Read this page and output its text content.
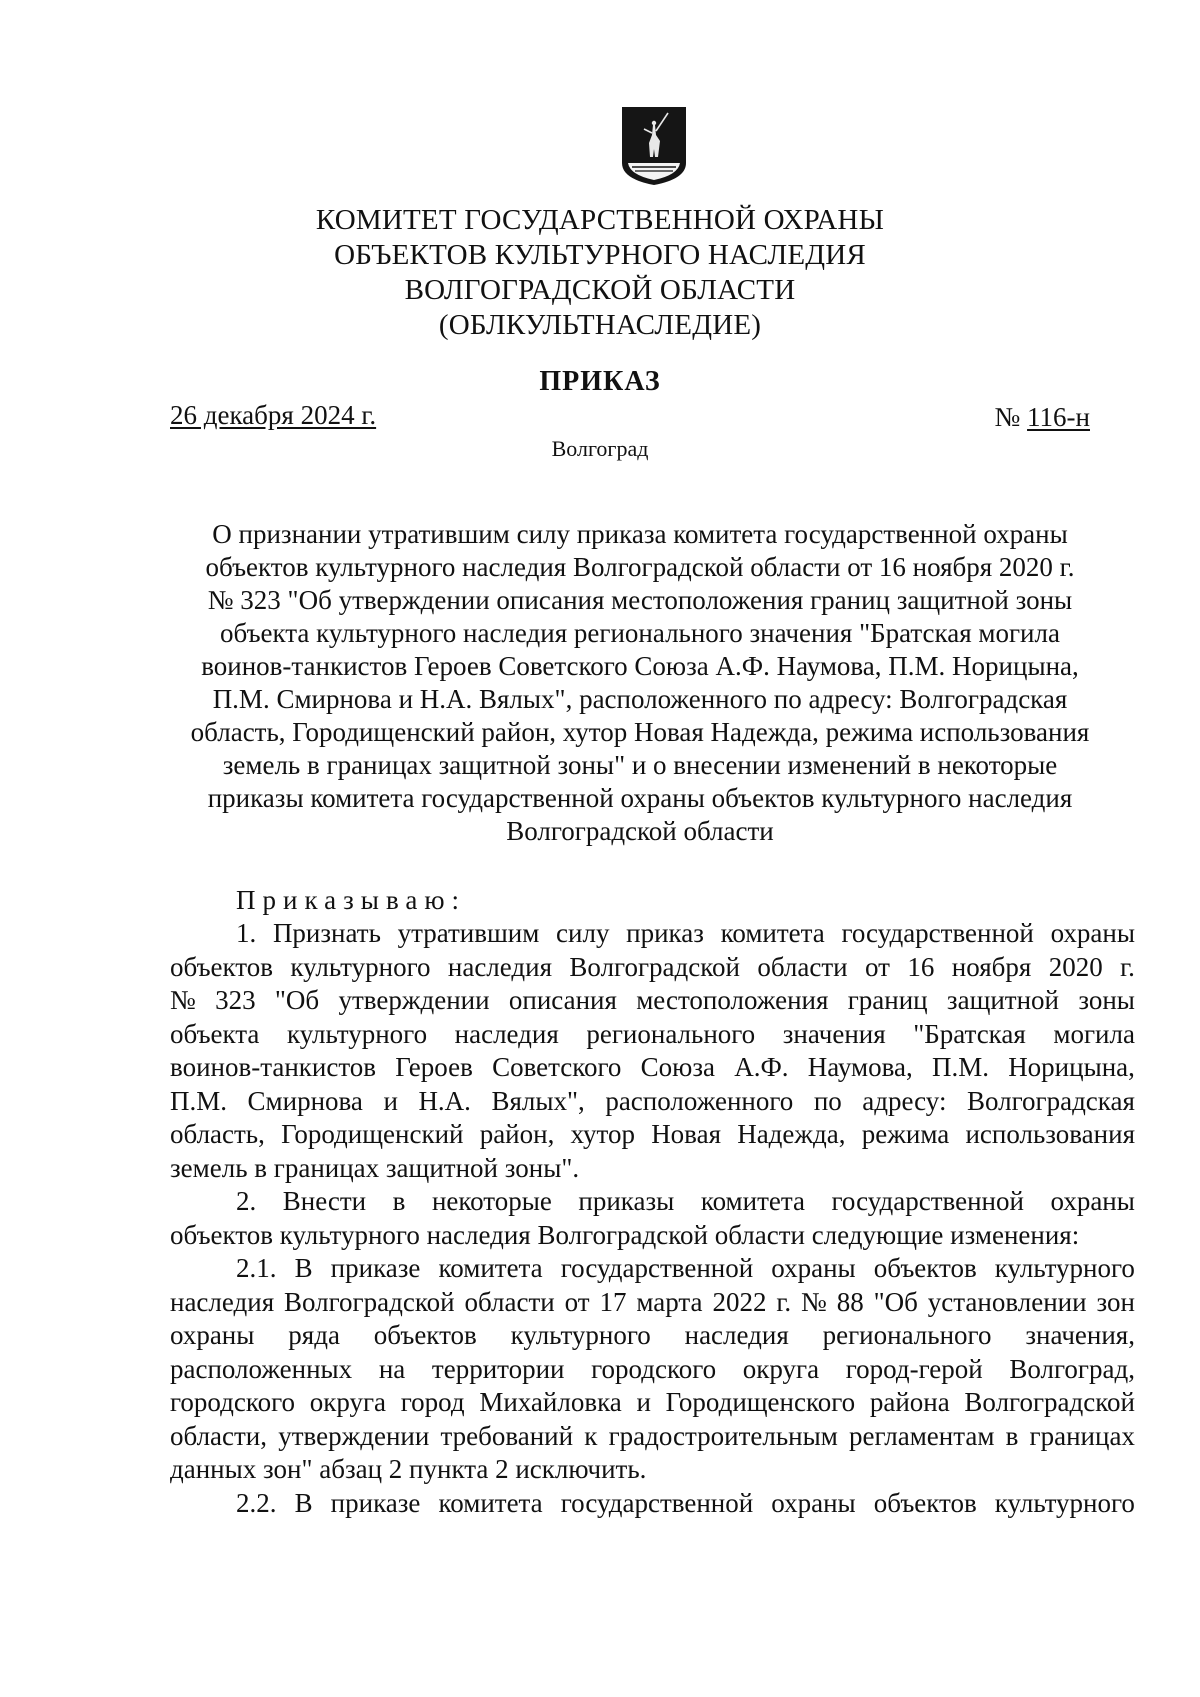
КОМИТЕТ ГОСУДАРСТВЕННОЙ ОХРАНЫ
ОБЪЕКТОВ КУЛЬТУРНОГО НАСЛЕДИЯ
ВОЛГОГРАДСКОЙ ОБЛАСТИ
(ОБЛКУЛЬТНАСЛЕДИЕ)
ПРИКАЗ
26 декабря 2024 г.	№ 116-н
Волгоград
О признании утратившим силу приказа комитета государственной охраны
объектов культурного наследия Волгоградской области от 16 ноября 2020 г.
№ 323 "Об утверждении описания местоположения границ защитной зоны
объекта культурного наследия регионального значения "Братская могила
воинов-танкистов Героев Советского Союза А.Ф. Наумова, П.М. Норицына,
П.М. Смирнова и Н.А. Вялых", расположенного по адресу: Волгоградская
область, Городищенский район, хутор Новая Надежда, режима использования
земель в границах защитной зоны" и о внесении изменений в некоторые
приказы комитета государственной охраны объектов культурного наследия
Волгоградской области
Приказываю:
1. Признать утратившим силу приказ комитета государственной охраны
объектов культурного наследия Волгоградской области от 16 ноября 2020 г.
№ 323 "Об утверждении описания местоположения границ защитной зоны
объекта культурного наследия регионального значения "Братская могила
воинов-танкистов Героев Советского Союза А.Ф. Наумова, П.М. Норицына,
П.М. Смирнова и Н.А. Вялых", расположенного по адресу: Волгоградская
область, Городищенский район, хутор Новая Надежда, режима использования
земель в границах защитной зоны".
2. Внести в некоторые приказы комитета государственной охраны
объектов культурного наследия Волгоградской области следующие изменения:
2.1. В приказе комитета государственной охраны объектов культурного
наследия Волгоградской области от 17 марта 2022 г. № 88 "Об установлении зон
охраны ряда объектов культурного наследия регионального значения,
расположенных на территории городского округа город-герой Волгоград,
городского округа город Михайловка и Городищенского района Волгоградской
области, утверждении требований к градостроительным регламентам в границах
данных зон" абзац 2 пункта 2 исключить.
2.2. В приказе комитета государственной охраны объектов культурного
